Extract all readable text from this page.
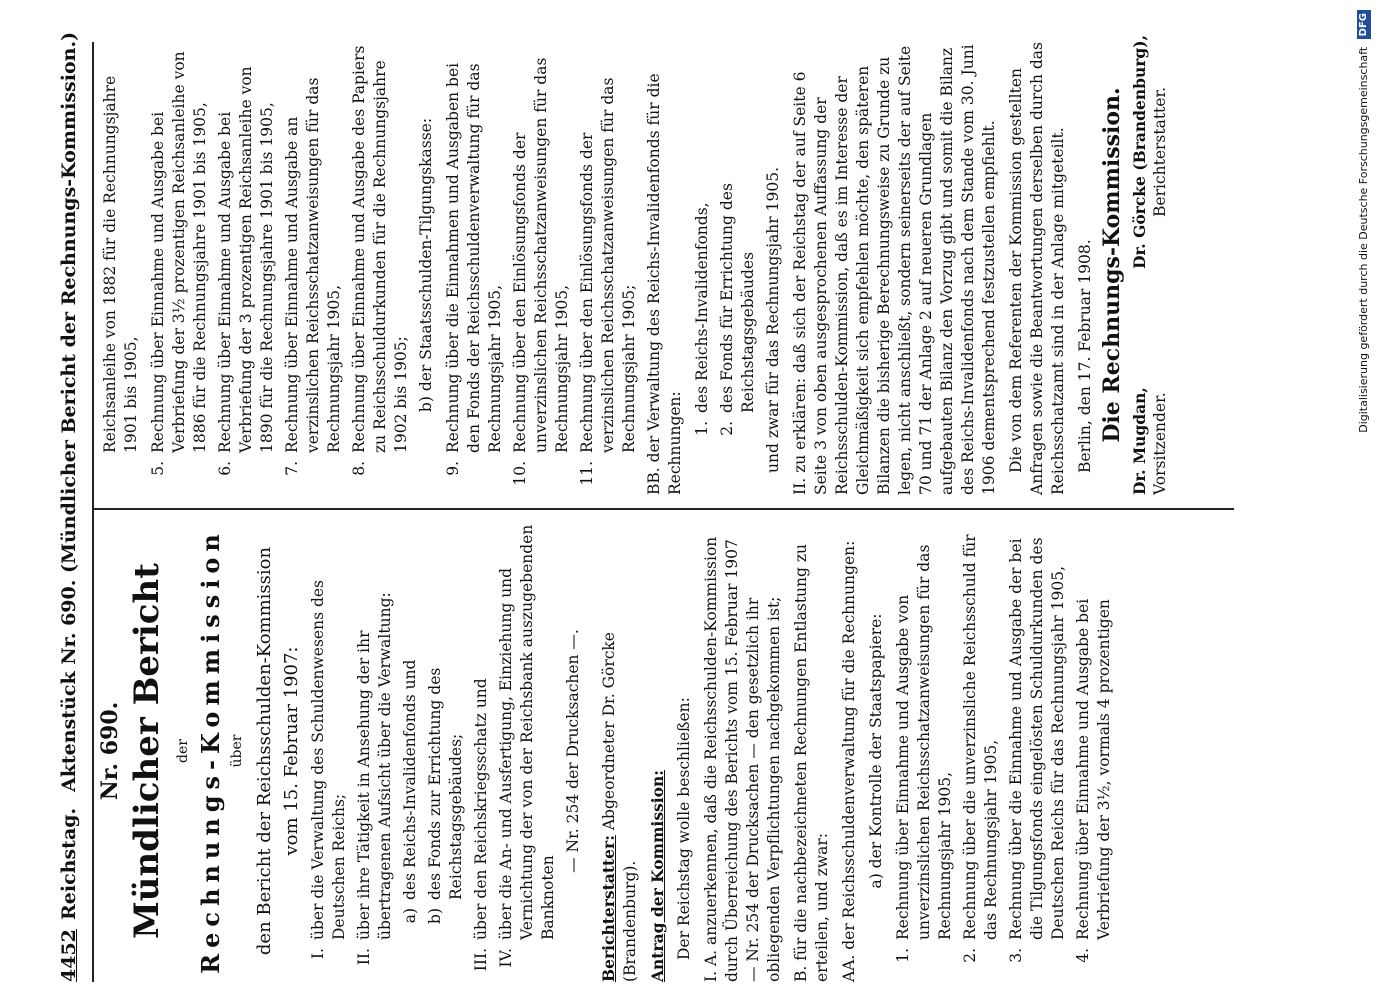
4452
Reichstag.
Aktenstück Nr. 690. (Mündlicher Bericht der Rechnungs-Kommission.) Nr. 690. Mündlicher Bericht der Rechnungs-Kommission über den Bericht der Reichsschulden-Kommission vom 15. Februar 1907:

I.
über die Verwaltung des Schuldenwesens des Deutschen Reichs;
II.
über ihre Tätigkeit in Ansehung der ihr übertragenen Aufsicht über die Verwaltung: a)
des Reichs-Invalidenfonds und
b)
des Fonds zur Errichtung des Reichstagsgebäudes;
III.
über den Reichskriegsschatz und
IV.
über die An- und Ausfertigung, Einziehung und Vernichtung der von der Reichsbank auszugebenden Banknoten

— Nr. 254 der Drucksachen —.

Berichterstatter: Abgeordneter Dr. Görcke (Brandenburg). Antrag der Kommission: Der Reichstag wolle beschließen: I. A. anzuerkennen, daß die Reichsschulden-Kommission durch Überreichung des Berichts vom 15. Februar 1907 — Nr. 254 der Drucksachen — den gesetzlich ihr obliegenden Verpflichtungen nachgekommen ist; B. für die nachbezeichneten Rechnungen Entlastung zu erteilen, und zwar: AA. der Reichsschuldenverwaltung für die Rechnungen: a) der Kontrolle der Staatspapiere:

1.
Rechnung über Einnahme und Ausgabe von unverzinslichen Reichsschatzanweisungen für das Rechnungsjahr 1905,
2.
Rechnung über die unverzinsliche Reichsschuld für das Rechnungsjahr 1905,
3.
Rechnung über die Einnahme und Ausgabe der bei die Tilgungsfonds eingelösten Schuldurkunden des Deutschen Reichs für das Rechnungsjahr 1905,
4.
Rechnung über Einnahme und Ausgabe bei Verbriefung der 3½, vormals 4 prozentigen

Reichsanleihe von 1882 für die Rechnungsjahre 1901 bis 1905,

5.
Rechnung über Einnahme und Ausgabe bei Verbriefung der 3½ prozentigen Reichsanleihe von 1886 für die Rechnungsjahre 1901 bis 1905,
6.
Rechnung über Einnahme und Ausgabe bei Verbriefung der 3 prozentigen Reichsanleihe von 1890 für die Rechnungsjahre 1901 bis 1905,
7.
Rechnung über Einnahme und Ausgabe an verzinslichen Reichsschatzanweisungen für das Rechnungsjahr 1905,
8.
Rechnung über Einnahme und Ausgabe des Papiers zu Reichsschuldurkunden für die Rechnungsjahre 1902 bis 1905; b) der Staatsschulden-Tilgungskasse:

9.
Rechnung über die Einnahmen und Ausgaben bei den Fonds der Reichsschuldenverwaltung für das Rechnungsjahr 1905,
10.
Rechnung über den Einlösungsfonds der unverzinslichen Reichsschatzanweisungen für das Rechnungsjahr 1905,
11.
Rechnung über den Einlösungsfonds der verzinslichen Reichsschatzanweisungen für das Rechnungsjahr 1905; BB. der Verwaltung des Reichs-Invalidenfonds für die Rechnungen: 1.
des Reichs-Invalidenfonds,
2.
des Fonds für Errichtung des Reichstagsgebäudes und zwar für das Rechnungsjahr 1905. II. zu erklären: daß sich der Reichstag der auf Seite 6 Seite 3 von oben ausgesprochenen Auffassung der Reichsschulden-Kommission, daß es im Interesse der Gleichmäßigkeit sich empfehlen möchte, den späteren Bilanzen die bisherige Berechnungsweise zu Grunde zu legen, nicht anschließt, sondern seinerseits der auf Seite 70 und 71 der Anlage 2 auf neueren Grundlagen aufgebauten Bilanz den Vorzug gibt und somit die Bilanz des Reichs-Invalidenfonds nach dem Stande vom 30. Juni 1906 dementsprechend festzustellen empfiehlt. Die von dem Referenten der Kommission gestellten Anfragen sowie die Beantwortungen derselben durch das Reichsschatzamt sind in der Anlage mitgeteilt. Berlin, den 17. Februar 1908. Die Rechnungs-Kommission. Dr. Mugdan, Vorsitzender.
Dr. Görcke (Brandenburg), Berichterstatter.	Digitalisierung gefördert durch die Deutsche Forschungsgemeinschaft DFG
